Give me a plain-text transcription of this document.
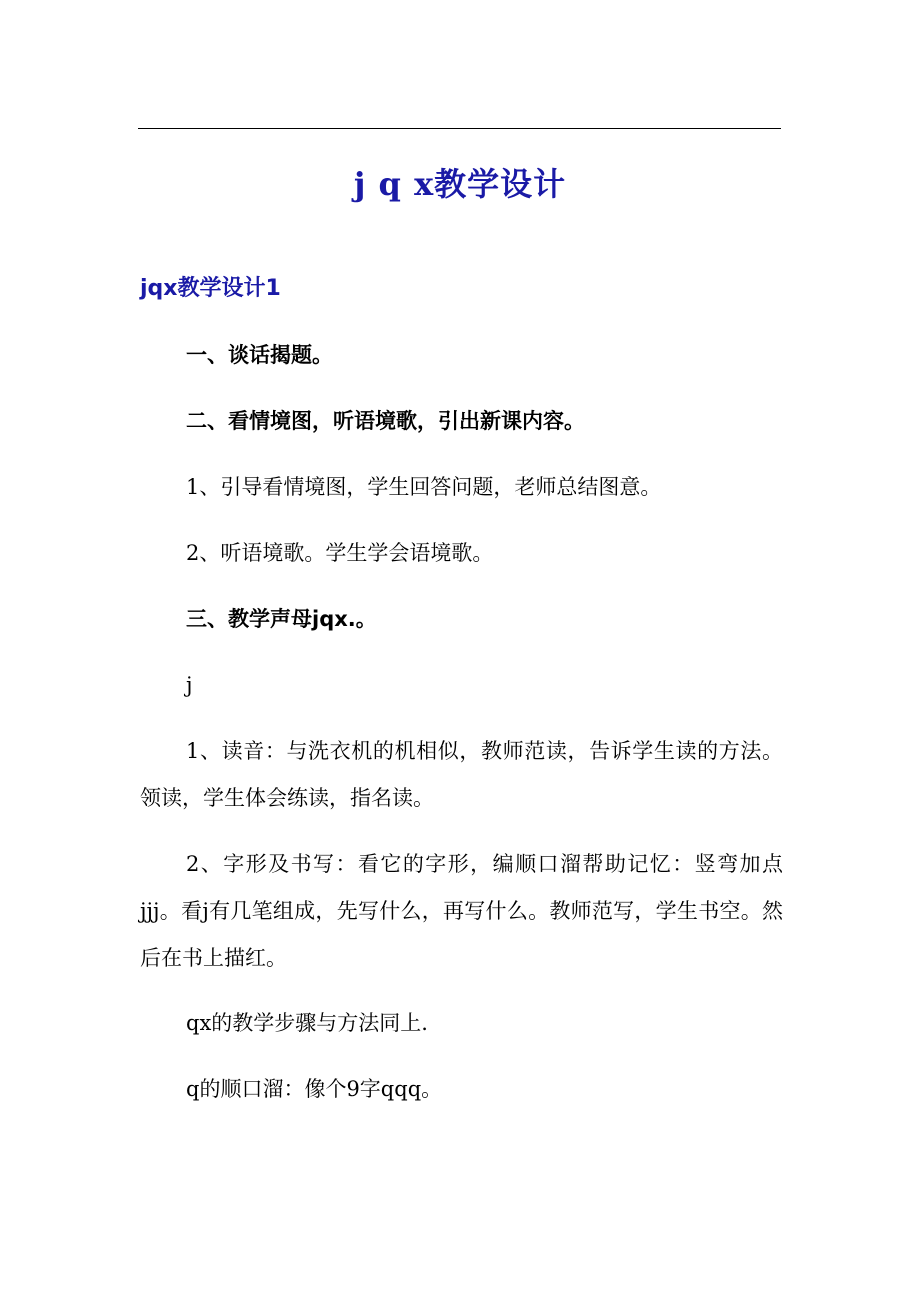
j q x教学设计
jqx教学设计1

一、谈话揭题。

二、看情境图，听语境歌，引出新课内容。

1、引导看情境图，学生回答问题，老师总结图意。

2、听语境歌。学生学会语境歌。

三、教学声母jqx.。

j

1、读音：与洗衣机的机相似，教师范读，告诉学生读的方法。领读，学生体会练读，指名读。

2、字形及书写：看它的字形，编顺口溜帮助记忆：竖弯加点jjj。看j有几笔组成，先写什么，再写什么。教师范写，学生书空。然后在书上描红。

qx的教学步骤与方法同上.

q的顺口溜：像个9字qqq。
